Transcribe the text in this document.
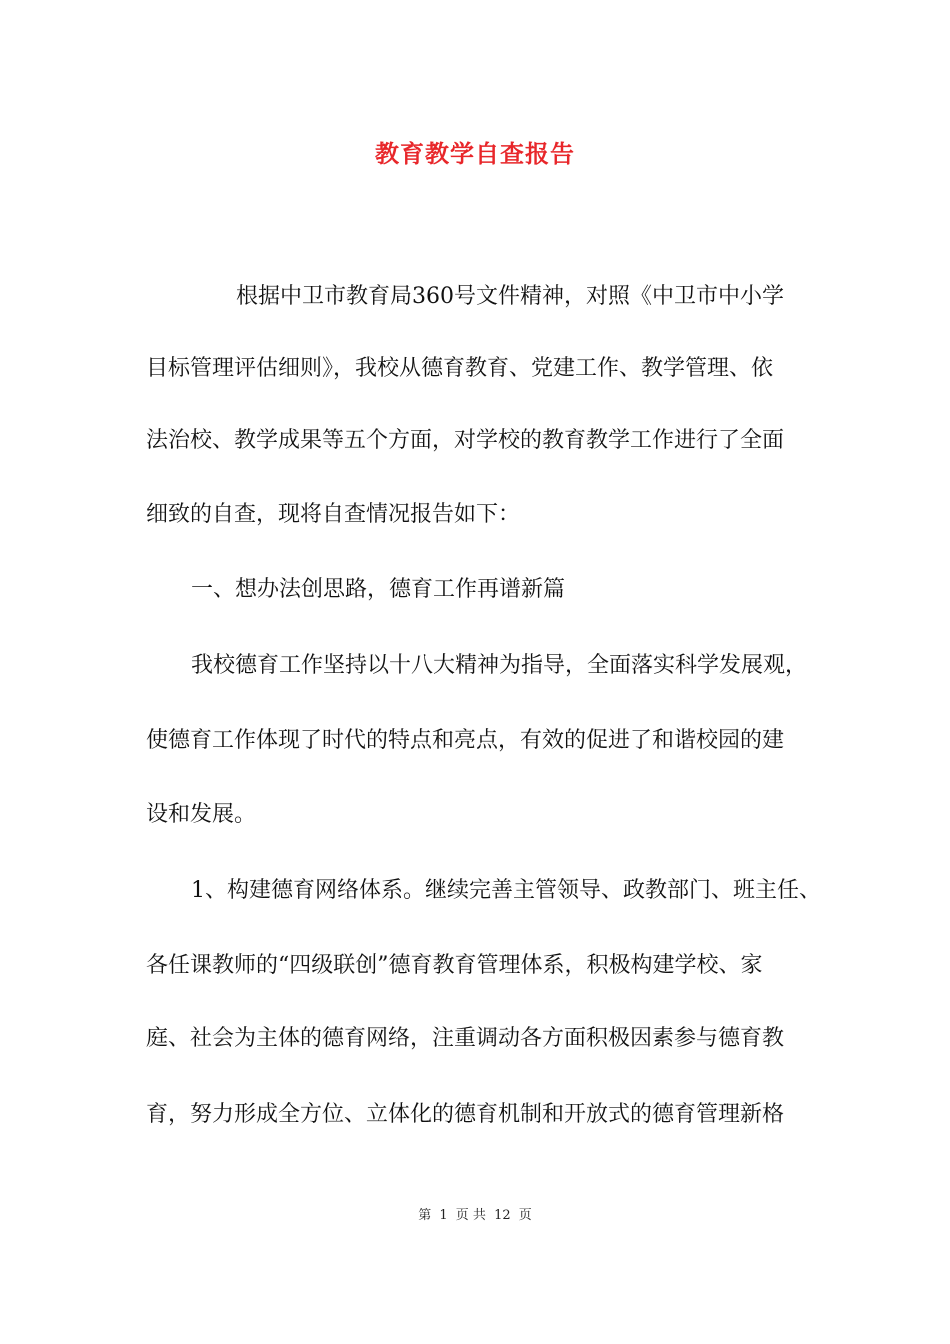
教育教学自查报告
根据中卫市教育局360号文件精神，对照《中卫市中小学
目标管理评估细则》，我校从德育教育、党建工作、教学管理、依
法治校、教学成果等五个方面，对学校的教育教学工作进行了全面
细致的自查，现将自查情况报告如下：
一、想办法创思路，德育工作再谱新篇
我校德育工作坚持以十八大精神为指导，全面落实科学发展观，
使德育工作体现了时代的特点和亮点，有效的促进了和谐校园的建
设和发展。
1、构建德育网络体系。继续完善主管领导、政教部门、班主任、
各任课教师的“四级联创”德育教育管理体系，积极构建学校、家
庭、社会为主体的德育网络，注重调动各方面积极因素参与德育教
育，努力形成全方位、立体化的德育机制和开放式的德育管理新格
第 1 页 共 12 页
